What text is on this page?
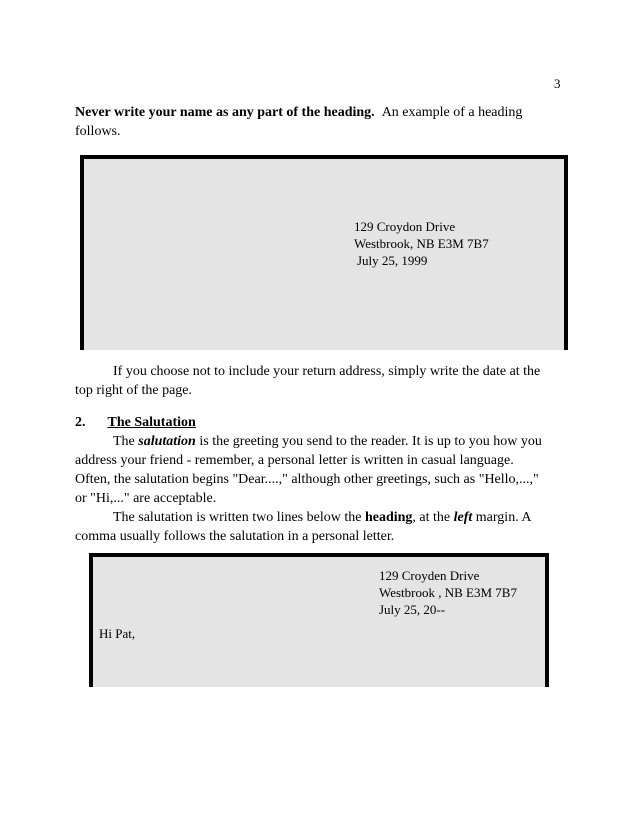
3
Never write your name as any part of the heading. An example of a heading
follows.
129 Croydon Drive
Westbrook, NB E3M 7B7
July 25, 1999
If you choose not to include your return address, simply write the date at the
top right of the page.
2. The Salutation
The salutation is the greeting you send to the reader. It is up to you how you
address your friend - remember, a personal letter is written in casual language.
Often, the salutation begins "Dear....," although other greetings, such as "Hello,...,"
or "Hi,..." are acceptable.
The salutation is written two lines below the heading, at the left margin. A
comma usually follows the salutation in a personal letter.
129 Croyden Drive
Westbrook , NB E3M 7B7
July 25, 20--
Hi Pat,
